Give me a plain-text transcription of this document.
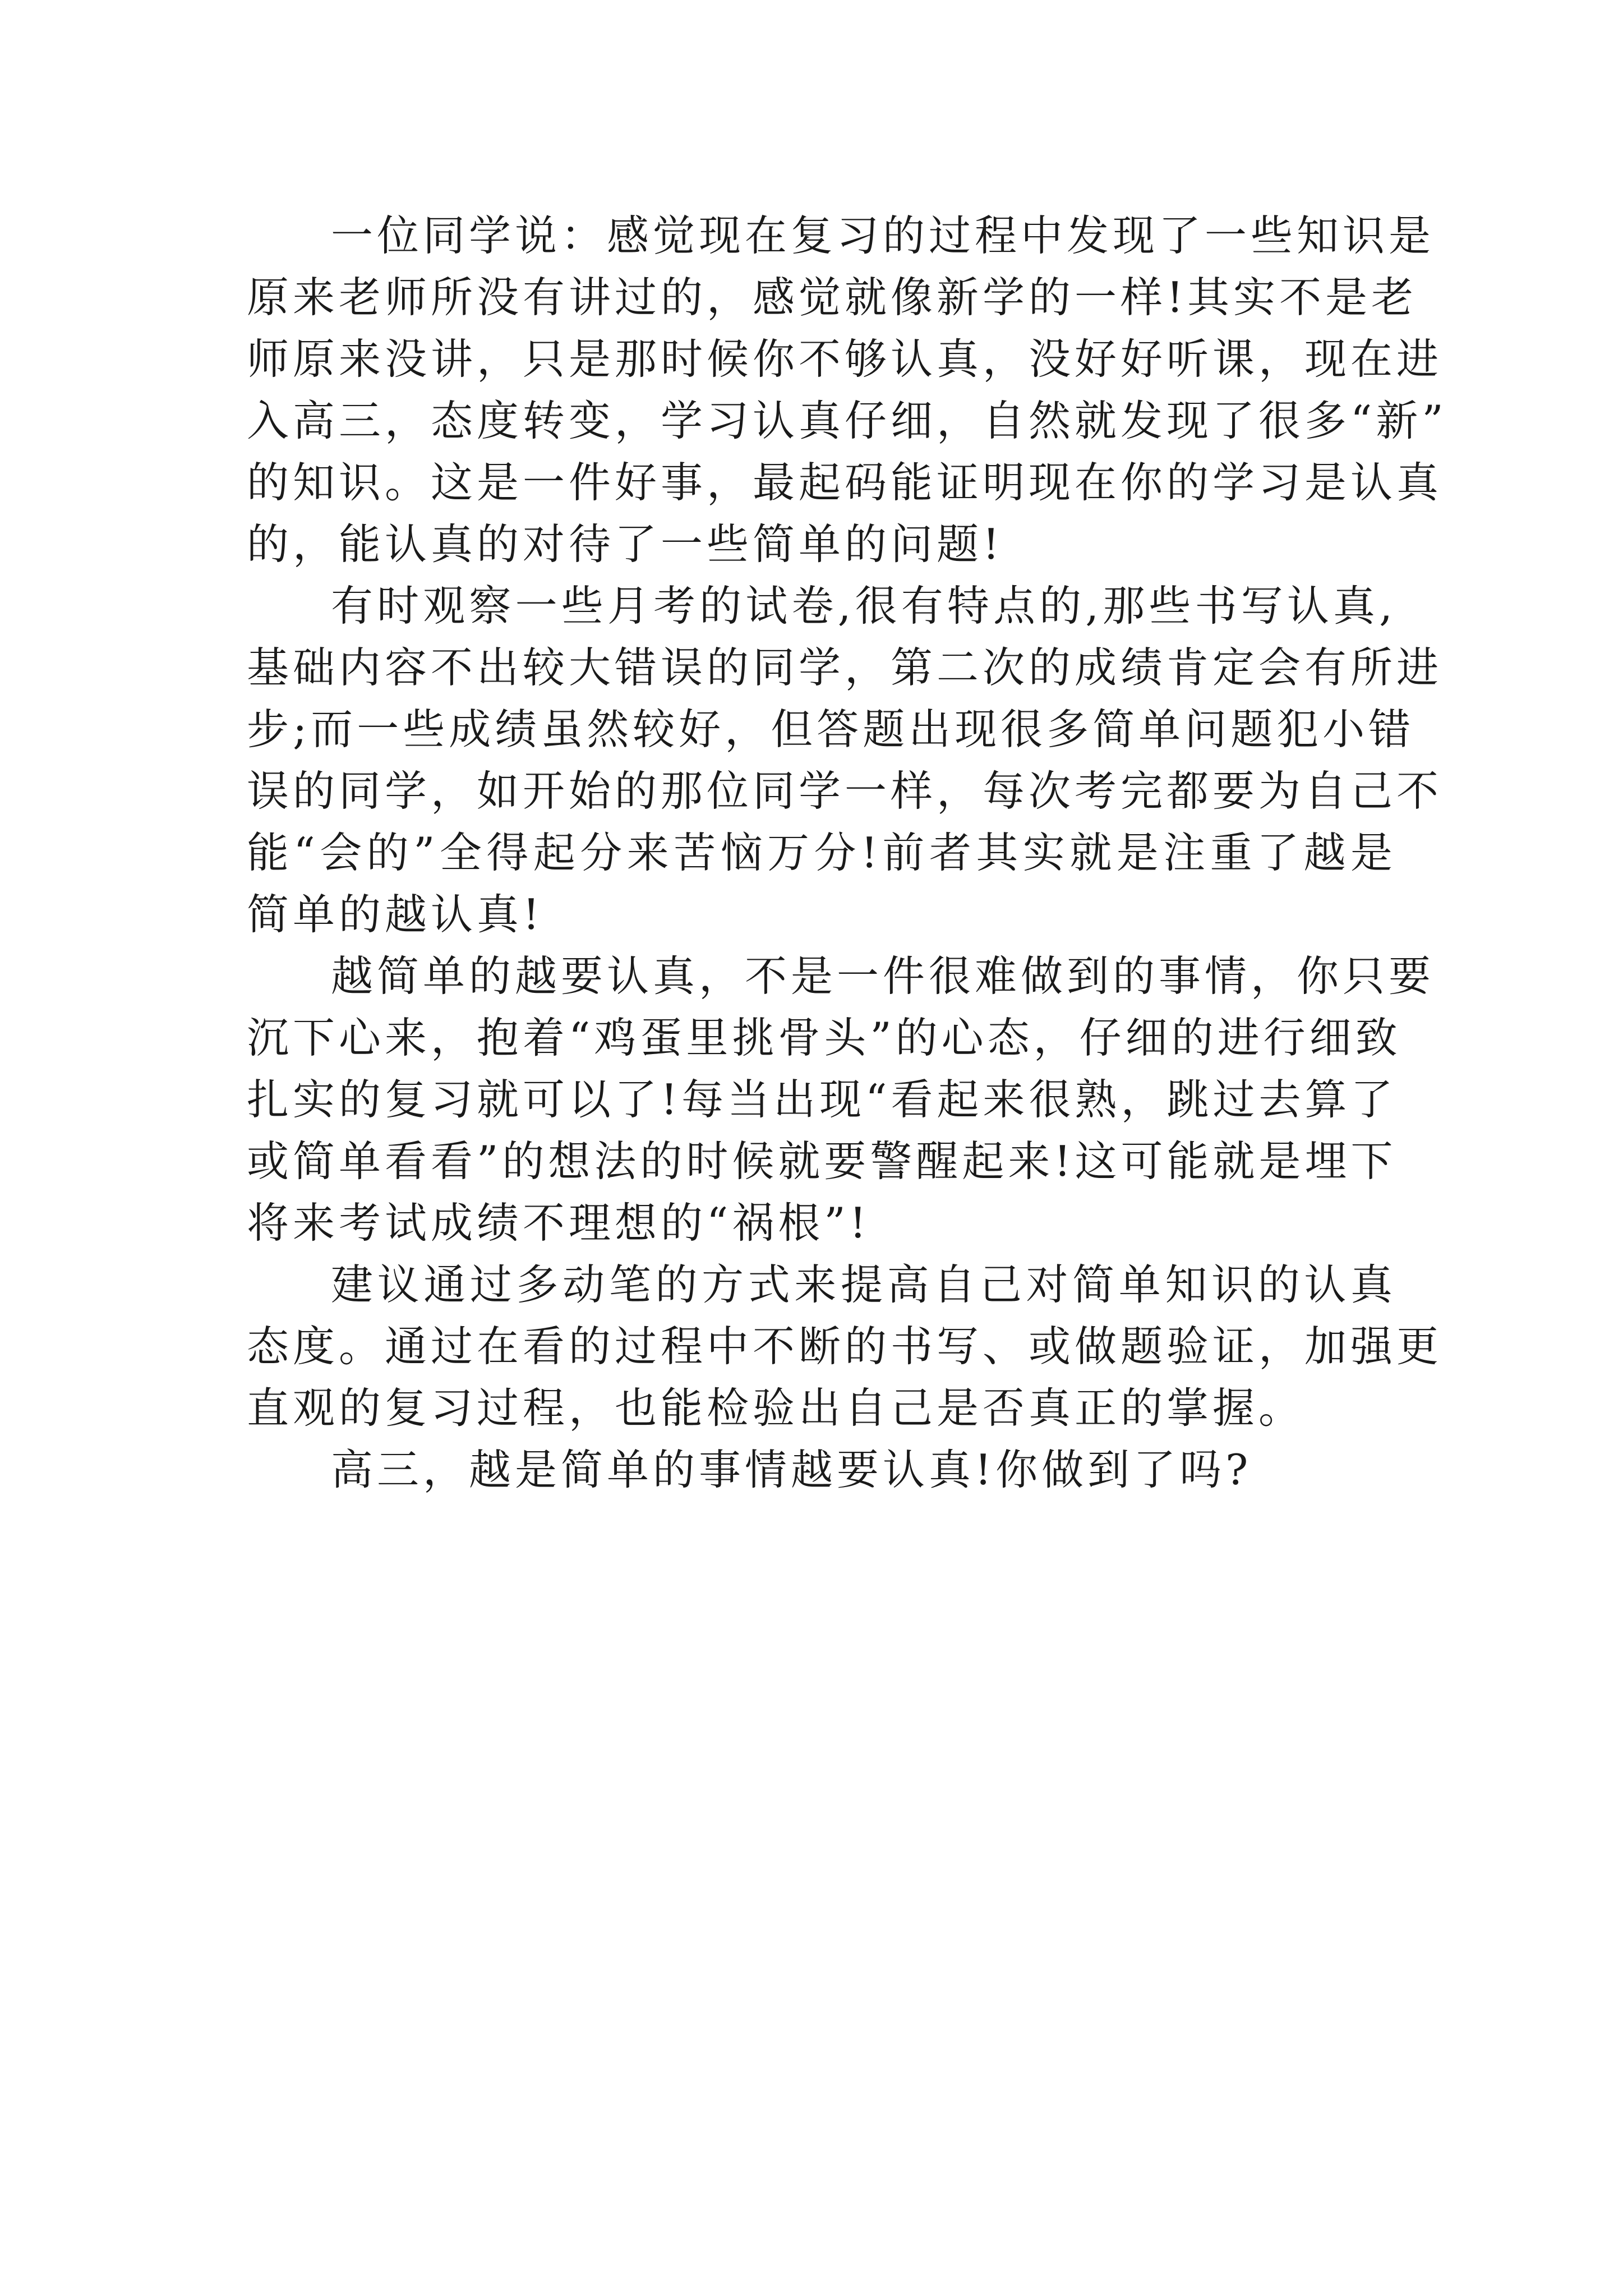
一位同学说：感觉现在复习的过程中发现了一些知识是
原来老师所没有讲过的，感觉就像新学的一样!其实不是老
师原来没讲，只是那时候你不够认真，没好好听课，现在进
入高三，态度转变，学习认真仔细，自然就发现了很多“新”
的知识。这是一件好事，最起码能证明现在你的学习是认真
的，能认真的对待了一些简单的问题!

有时观察一些月考的试卷,很有特点的,那些书写认真,
基础内容不出较大错误的同学，第二次的成绩肯定会有所进
步;而一些成绩虽然较好，但答题出现很多简单问题犯小错
误的同学，如开始的那位同学一样，每次考完都要为自己不
能“会的”全得起分来苦恼万分!前者其实就是注重了越是
简单的越认真!

越简单的越要认真，不是一件很难做到的事情，你只要
沉下心来，抱着“鸡蛋里挑骨头”的心态，仔细的进行细致
扎实的复习就可以了!每当出现“看起来很熟，跳过去算了
或简单看看”的想法的时候就要警醒起来!这可能就是埋下
将来考试成绩不理想的“祸根”!

建议通过多动笔的方式来提高自己对简单知识的认真
态度。通过在看的过程中不断的书写、或做题验证，加强更
直观的复习过程，也能检验出自己是否真正的掌握。

高三，越是简单的事情越要认真!你做到了吗?
